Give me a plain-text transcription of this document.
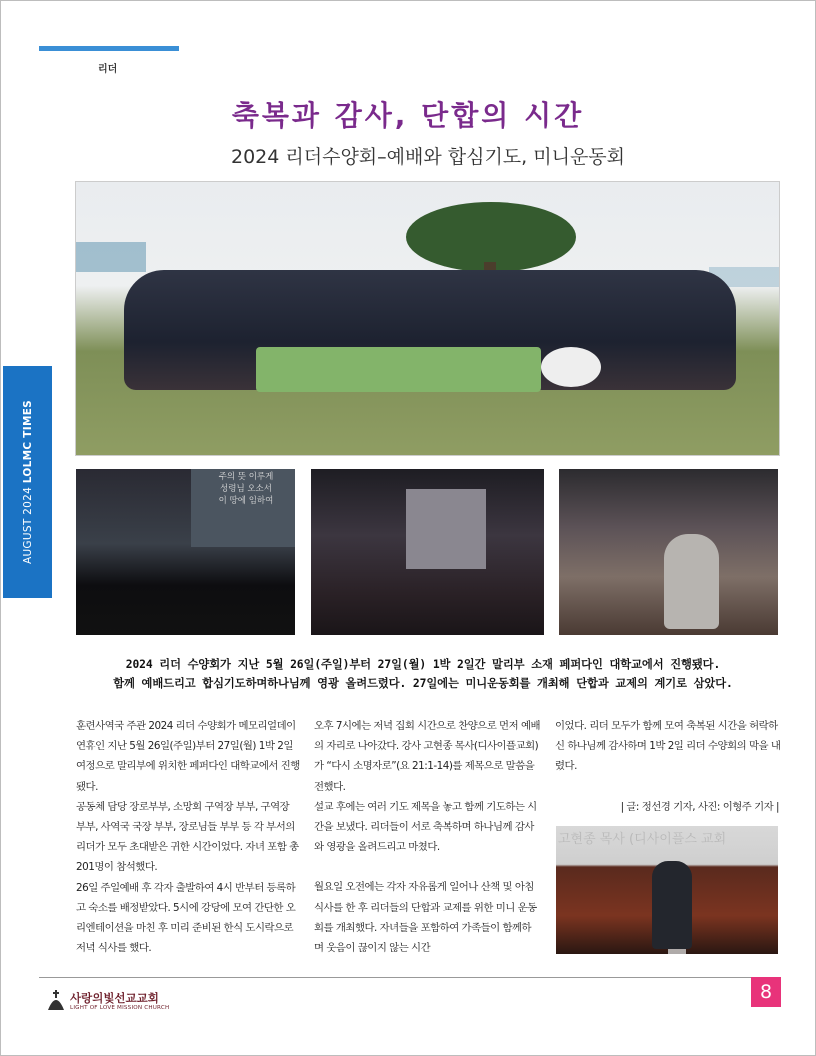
리더
AUGUST 2024 LOLMC TIMES
축복과 감사, 단합의 시간
2024 리더수양회–예배와 합심기도, 미니운동회
주의 뜻 이루게
성령님 오소서
이 땅에 임하여
2024 리더 수양회가 지난 5월 26일(주일)부터 27일(월) 1박 2일간 말리부 소재 페퍼다인 대학교에서 진행됐다.
함께 예배드리고 합심기도하며하나님께 영광 올려드렸다. 27일에는 미니운동회를 개최해 단합과 교제의 계기로 삼았다.

훈련사역국 주관 2024 리더 수양회가 메모리얼데이 연휴인 지난 5월 26일(주일)부터 27일(월) 1박 2일 여정으로 말리부에 위치한 페퍼다인 대학교에서 진행됐다.

공동체 담당 장로부부, 소망회 구역장 부부, 구역장 부부, 사역국 국장 부부, 장로님들 부부 등 각 부서의 리더가 모두 초대받은 귀한 시간이었다. 자녀 포함 총 201명이 참석했다.

26일 주일예배 후 각자 출발하여 4시 반부터 등록하고 숙소를 배정받았다. 5시에 강당에 모여 간단한 오리엔테이션을 마친 후 미리 준비된 한식 도시락으로 저녁 식사를 했다.

오후 7시에는 저녁 집회 시간으로 찬양으로 먼저 예배의 자리로 나아갔다. 강사 고현종 목사(디사이플교회)가 “다시 소명자로”(요 21:1-14)를 제목으로 말씀을 전했다.

설교 후에는 여러 기도 제목을 놓고 함께 기도하는 시간을 보냈다. 리더들이 서로 축복하며 하나님께 감사와 영광을 올려드리고 마쳤다.

월요일 오전에는 각자 자유롭게 일어나 산책 및 아침 식사를 한 후 리더들의 단합과 교제를 위한 미니 운동회를 개최했다. 자녀들을 포함하여 가족들이 함께하며 웃음이 끊이지 않는 시간

이었다. 리더 모두가 함께 모여 축복된 시간을 허락하신 하나님께 감사하며 1박 2일 리더 수양회의 막을 내렸다.

| 글: 정선경 기자, 사진: 이형주 기자 |
고현종 목사 (디사이플스 교회
사랑의빛선교교회
LIGHT OF LOVE MISSION CHURCH
8
